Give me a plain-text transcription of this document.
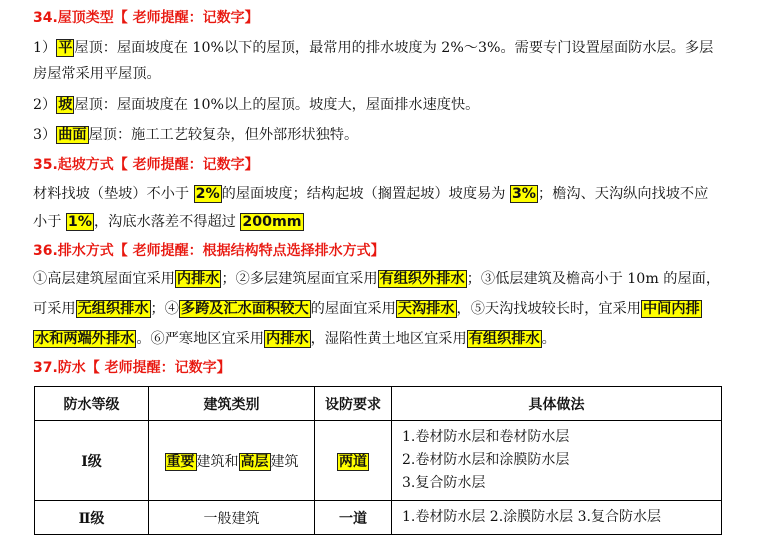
34.屋顶类型【 老师提醒：记数字】
1） 平 屋顶：屋面坡度在 10%以下的屋顶，最常用的排水坡度为 2%～3%。需要专门设置屋面防水层。多层
房屋常采用平屋顶。
2） 坡 屋顶：屋面坡度在 10%以上的屋顶。坡度大，屋面排水速度快。
3） 曲面 屋顶：施工工艺较复杂，但外部形状独特。
35.起坡方式【 老师提醒：记数字】
材料找坡（垫坡）不小于 2% 的屋面坡度；结构起坡（搁置起坡）坡度易为 3% ；檐沟、天沟纵向找坡不应
小于 1% ，沟底水落差不得超过 200mm
36.排水方式【 老师提醒：根据结构特点选择排水方式】
①高层建筑屋面宜采用 内排水 ；②多层建筑屋面宜采用 有组织外排水 ；③低层建筑及檐高小于 10m 的屋面，
可采用 无组织排水 ；④ 多跨及汇水面积较大 的屋面宜采用 天沟排水 ，⑤天沟找坡较长时，宜采用 中间内排
水和两端外排水 。⑥严寒地区宜采用 内排水 ，湿陷性黄土地区宜采用 有组织排水 。
37.防水【 老师提醒：记数字】
防水等级	建筑类别	设防要求	具体做法
Ⅰ级	重要 建筑和 高层 建筑	两道	1.卷材防水层和卷材防水层
2.卷材防水层和涂膜防水层
3.复合防水层

Ⅱ级	一般建筑	一道	1.卷材防水层 2.涂膜防水层 3.复合防水层
